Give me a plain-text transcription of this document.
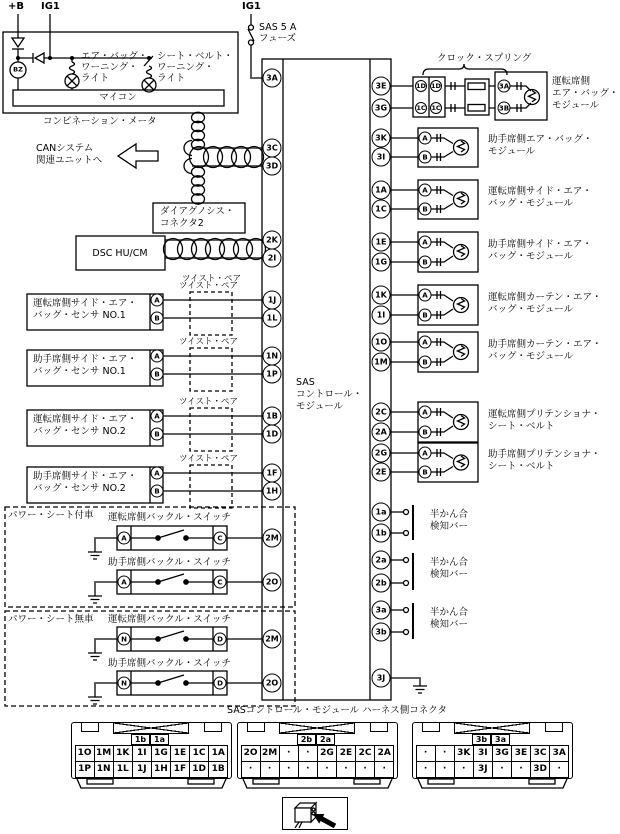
+B IG1	IG1
SAS 5 A
フューズ
BZ
エア・バッグ・
ワーニング・
ライト
シート・ベルト・
ワーニング・
ライト
マイコン
コンビネーション・メータ
CANシステム
関連ユニットへ
ダイアグノシス・
コネクタ2
DSC HU/CM
ツイスト・ペア
運転席側サイド・エア・
バッグ・センサ NO.1
助手席側サイド・エア・
バッグ・センサ NO.1
運転席側サイド・エア・
バッグ・センサ NO.2
助手席側サイド・エア・
バッグ・センサ NO.2
ツイスト・ペア
ツイスト・ペア
ツイスト・ペア
ツイスト・ペア
SAS
コントロール・
モジュール
パワー・シート付車 運転席側バックル・スイッチ
助手席側バックル・スイッチ
パワー・シート無車 運転席側バックル・スイッチ
助手席側バックル・スイッチ
クロック・スプリング
運転席側
エア・バッグ・
モジュール
助手席側エア・バッグ・
モジュール
運転席側サイド・エア・
バッグ・モジュール
助手席側サイド・エア・
バッグ・モジュール
運転席側カーテン・エア・
バッグ・モジュール
助手席側カーテン・エア・
バッグ・モジュール
運転席側プリテンショナ・
シート・ベルト
助手席側プリテンショナ・
シート・ベルト
半かん合
検知バー
半かん合
検知バー
半かん合
検知バー
SASコントロール・モジュール ハーネス側コネクタ
3A
3C
3D
2K
2I
1J
1L
1N
1P
1B
1D
1F
1H
2M
2O
2M
2O
3E
3G
3K
3I
1A
1C
1E
1G
1K
1I
1O
1M
2C
2A
2G
2E
1a
1b
2a
2b
3a
3b
3J
A
B
A
B
A
B
A
B
A	C
A	C
N	D
N	D
1D 1D
1C 1C
3A
3B
A
B
A
B
A
B
A
B
A
B
A
B
A
B
1b 1a
1O 1M 1K 1I 1G 1E 1C 1A
1P 1N 1L 1J 1H 1F 1D 1B
2b 2a
2O 2M	·	·	2G 2E 2C 2A
·	·	·	·	·	·	·	·
3b 3a
·	·	3K 3I 3G 3E 3C 3A
·	·	·	3J	·	·	3D	·
